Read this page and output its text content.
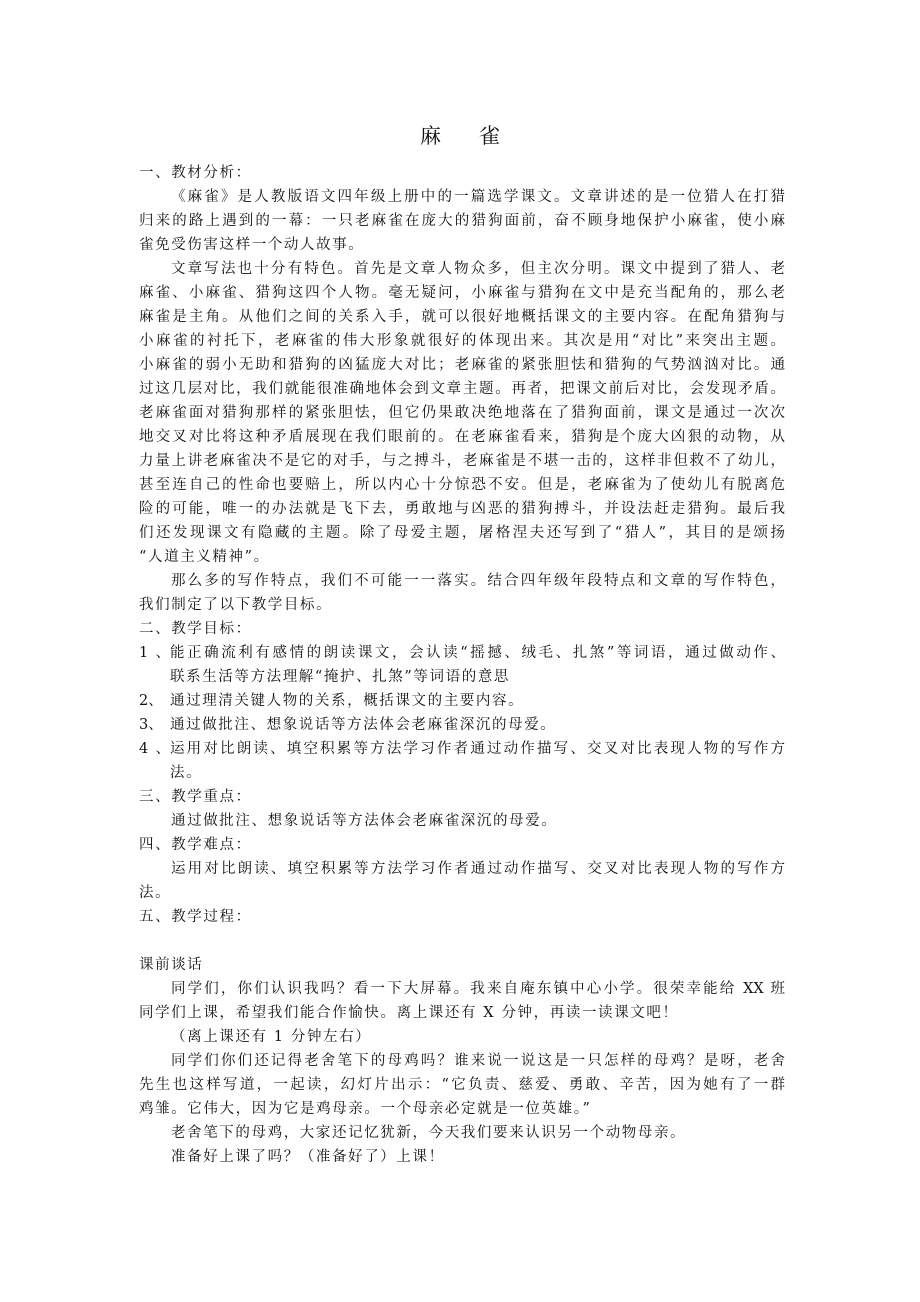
麻雀
一、教材分析：
《麻雀》是人教版语文四年级上册中的一篇选学课文。文章讲述的是一位猎人在打猎
归来的路上遇到的一幕：一只老麻雀在庞大的猎狗面前，奋不顾身地保护小麻雀，使小麻
雀免受伤害这样一个动人故事。
文章写法也十分有特色。首先是文章人物众多，但主次分明。课文中提到了猎人、老
麻雀、小麻雀、猎狗这四个人物。毫无疑问，小麻雀与猎狗在文中是充当配角的，那么老
麻雀是主角。从他们之间的关系入手，就可以很好地概括课文的主要内容。在配角猎狗与
小麻雀的衬托下，老麻雀的伟大形象就很好的体现出来。其次是用“对比”来突出主题。
小麻雀的弱小无助和猎狗的凶猛庞大对比；老麻雀的紧张胆怯和猎狗的气势汹汹对比。通
过这几层对比，我们就能很准确地体会到文章主题。再者，把课文前后对比，会发现矛盾。
老麻雀面对猎狗那样的紧张胆怯，但它仍果敢决绝地落在了猎狗面前，课文是通过一次次
地交叉对比将这种矛盾展现在我们眼前的。在老麻雀看来，猎狗是个庞大凶狠的动物，从
力量上讲老麻雀决不是它的对手，与之搏斗，老麻雀是不堪一击的，这样非但救不了幼儿，
甚至连自己的性命也要赔上，所以内心十分惊恐不安。但是，老麻雀为了使幼儿有脱离危
险的可能，唯一的办法就是飞下去，勇敢地与凶恶的猎狗搏斗，并设法赶走猎狗。最后我
们还发现课文有隐藏的主题。除了母爱主题，屠格涅夫还写到了“猎人”，其目的是颂扬
“人道主义精神”。
那么多的写作特点，我们不可能一一落实。结合四年级年段特点和文章的写作特色，
我们制定了以下教学目标。
二、教学目标：
1、 能正确流利有感情的朗读课文，会认读“摇撼、绒毛、扎煞”等词语，通过做动作、
联系生活等方法理解“掩护、扎煞”等词语的意思
2、 通过理清关键人物的关系，概括课文的主要内容。
3、 通过做批注、想象说话等方法体会老麻雀深沉的母爱。
4、 运用对比朗读、填空积累等方法学习作者通过动作描写、交叉对比表现人物的写作方
法。
三、教学重点：
通过做批注、想象说话等方法体会老麻雀深沉的母爱。
四、教学难点：
运用对比朗读、填空积累等方法学习作者通过动作描写、交叉对比表现人物的写作方
法。
五、教学过程：
课前谈话
同学们，你们认识我吗？看一下大屏幕。我来自庵东镇中心小学。很荣幸能给 XX 班
同学们上课，希望我们能合作愉快。离上课还有 X 分钟，再读一读课文吧！
（离上课还有 1 分钟左右）
同学们你们还记得老舍笔下的母鸡吗？谁来说一说这是一只怎样的母鸡？是呀，老舍
先生也这样写道，一起读，幻灯片出示：“它负责、慈爱、勇敢、辛苦，因为她有了一群
鸡雏。它伟大，因为它是鸡母亲。一个母亲必定就是一位英雄。”
老舍笔下的母鸡，大家还记忆犹新，今天我们要来认识另一个动物母亲。
准备好上课了吗？（准备好了）上课！
